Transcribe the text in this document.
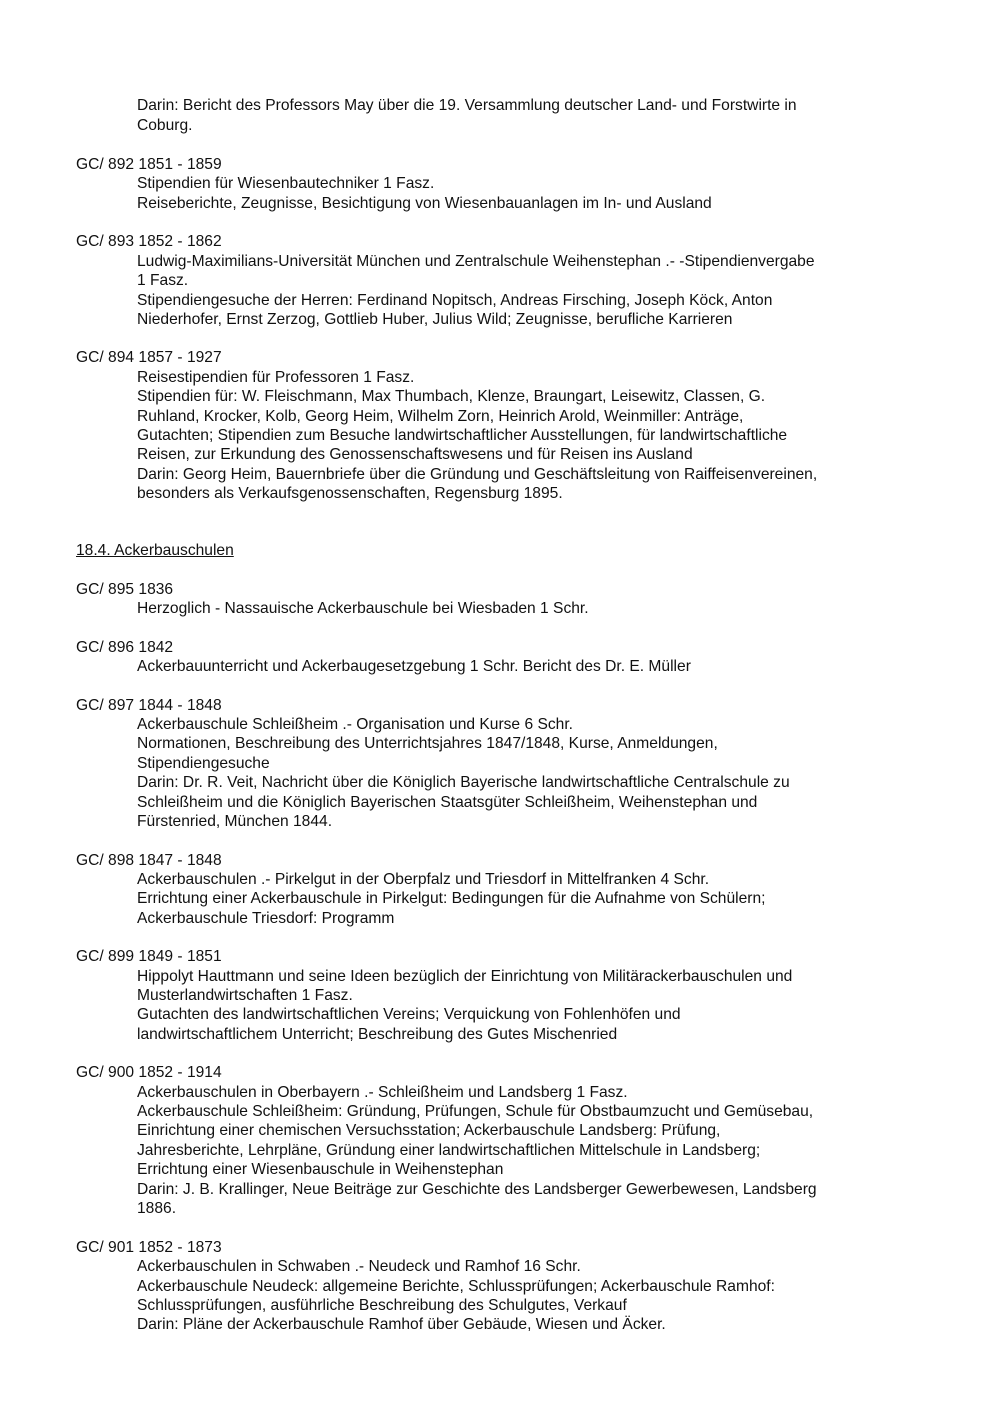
Darin: Bericht des Professors May über die 19. Versammlung deutscher Land- und Forstwirte in
Coburg.
GC/ 892 1851 - 1859
Stipendien für Wiesenbautechniker 1 Fasz.
Reiseberichte, Zeugnisse, Besichtigung von Wiesenbauanlagen im In- und Ausland
GC/ 893 1852 - 1862
Ludwig-Maximilians-Universität München und Zentralschule Weihenstephan .- -Stipendienvergabe
1 Fasz.
Stipendiengesuche der Herren: Ferdinand Nopitsch, Andreas Firsching, Joseph Köck, Anton
Niederhofer, Ernst Zerzog, Gottlieb Huber, Julius Wild; Zeugnisse, berufliche Karrieren
GC/ 894 1857 - 1927
Reisestipendien für Professoren 1 Fasz.
Stipendien für: W. Fleischmann, Max Thumbach, Klenze, Braungart, Leisewitz, Classen, G.
Ruhland, Krocker, Kolb, Georg Heim, Wilhelm Zorn, Heinrich Arold, Weinmiller: Anträge,
Gutachten; Stipendien zum Besuche landwirtschaftlicher Ausstellungen, für landwirtschaftliche
Reisen, zur Erkundung des Genossenschaftswesens und für Reisen ins Ausland
Darin: Georg Heim, Bauernbriefe über die Gründung und Geschäftsleitung von Raiffeisenvereinen,
besonders als Verkaufsgenossenschaften, Regensburg 1895.
18.4. Ackerbauschulen
GC/ 895 1836
Herzoglich - Nassauische Ackerbauschule bei Wiesbaden 1 Schr.
GC/ 896 1842
Ackerbauunterricht und Ackerbaugesetzgebung 1 Schr. Bericht des Dr. E. Müller
GC/ 897 1844 - 1848
Ackerbauschule Schleißheim .- Organisation und Kurse 6 Schr.
Normationen, Beschreibung des Unterrichtsjahres 1847/1848, Kurse, Anmeldungen,
Stipendiengesuche
Darin: Dr. R. Veit, Nachricht über die Königlich Bayerische landwirtschaftliche Centralschule zu
Schleißheim und die Königlich Bayerischen Staatsgüter Schleißheim, Weihenstephan und
Fürstenried, München 1844.
GC/ 898 1847 - 1848
Ackerbauschulen .- Pirkelgut in der Oberpfalz und Triesdorf in Mittelfranken 4 Schr.
Errichtung einer Ackerbauschule in Pirkelgut: Bedingungen für die Aufnahme von Schülern;
Ackerbauschule Triesdorf: Programm
GC/ 899 1849 - 1851
Hippolyt Hauttmann und seine Ideen bezüglich der Einrichtung von Militärackerbauschulen und
Musterlandwirtschaften 1 Fasz.
Gutachten des landwirtschaftlichen Vereins; Verquickung von Fohlenhöfen und
landwirtschaftlichem Unterricht; Beschreibung des Gutes Mischenried
GC/ 900 1852 - 1914
Ackerbauschulen in Oberbayern .- Schleißheim und Landsberg 1 Fasz.
Ackerbauschule Schleißheim: Gründung, Prüfungen, Schule für Obstbaumzucht und Gemüsebau,
Einrichtung einer chemischen Versuchsstation; Ackerbauschule Landsberg: Prüfung,
Jahresberichte, Lehrpläne, Gründung einer landwirtschaftlichen Mittelschule in Landsberg;
Errichtung einer Wiesenbauschule in Weihenstephan
Darin: J. B. Krallinger, Neue Beiträge zur Geschichte des Landsberger Gewerbewesen, Landsberg
1886.
GC/ 901 1852 - 1873
Ackerbauschulen in Schwaben .- Neudeck und Ramhof 16 Schr.
Ackerbauschule Neudeck: allgemeine Berichte, Schlussprüfungen; Ackerbauschule Ramhof:
Schlussprüfungen, ausführliche Beschreibung des Schulgutes, Verkauf
Darin: Pläne der Ackerbauschule Ramhof über Gebäude, Wiesen und Äcker.
